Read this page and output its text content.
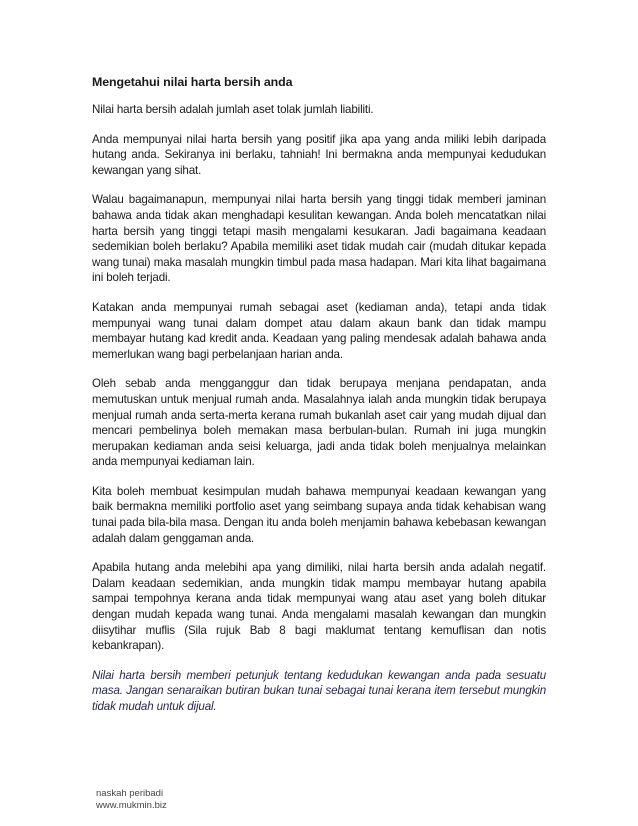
Mengetahui nilai harta bersih anda

Nilai harta bersih adalah jumlah aset tolak jumlah liabiliti.

Anda mempunyai nilai harta bersih yang positif jika apa yang anda miliki lebih daripada hutang anda. Sekiranya ini berlaku, tahniah! Ini bermakna anda mempunyai kedudukan kewangan yang sihat.

Walau bagaimanapun, mempunyai nilai harta bersih yang tinggi tidak memberi jaminan bahawa anda tidak akan menghadapi kesulitan kewangan. Anda boleh mencatatkan nilai harta bersih yang tinggi tetapi masih mengalami kesukaran. Jadi bagaimana keadaan sedemikian boleh berlaku? Apabila memiliki aset tidak mudah cair (mudah ditukar kepada wang tunai) maka masalah mungkin timbul pada masa hadapan. Mari kita lihat bagaimana ini boleh terjadi.

Katakan anda mempunyai rumah sebagai aset (kediaman anda), tetapi anda tidak mempunyai wang tunai dalam dompet atau dalam akaun bank dan tidak mampu membayar hutang kad kredit anda. Keadaan yang paling mendesak adalah bahawa anda memerlukan wang bagi perbelanjaan harian anda.

Oleh sebab anda mengganggur dan tidak berupaya menjana pendapatan, anda memutuskan untuk menjual rumah anda. Masalahnya ialah anda mungkin tidak berupaya menjual rumah anda serta-merta kerana rumah bukanlah aset cair yang mudah dijual dan mencari pembelinya boleh memakan masa berbulan-bulan. Rumah ini juga mungkin merupakan kediaman anda seisi keluarga, jadi anda tidak boleh menjualnya melainkan anda mempunyai kediaman lain.

Kita boleh membuat kesimpulan mudah bahawa mempunyai keadaan kewangan yang baik bermakna memiliki portfolio aset yang seimbang supaya anda tidak kehabisan wang tunai pada bila-bila masa. Dengan itu anda boleh menjamin bahawa kebebasan kewangan adalah dalam genggaman anda.

Apabila hutang anda melebihi apa yang dimiliki, nilai harta bersih anda adalah negatif. Dalam keadaan sedemikian, anda mungkin tidak mampu membayar hutang apabila sampai tempohnya kerana anda tidak mempunyai wang atau aset yang boleh ditukar dengan mudah kepada wang tunai. Anda mengalami masalah kewangan dan mungkin diisytihar muflis (Sila rujuk Bab 8 bagi maklumat tentang kemuflisan dan notis kebankrapan).

Nilai harta bersih memberi petunjuk tentang kedudukan kewangan anda pada sesuatu masa. Jangan senaraikan butiran bukan tunai sebagai tunai kerana item tersebut mungkin tidak mudah untuk dijual.

naskah peribadi
www.mukmin.biz
